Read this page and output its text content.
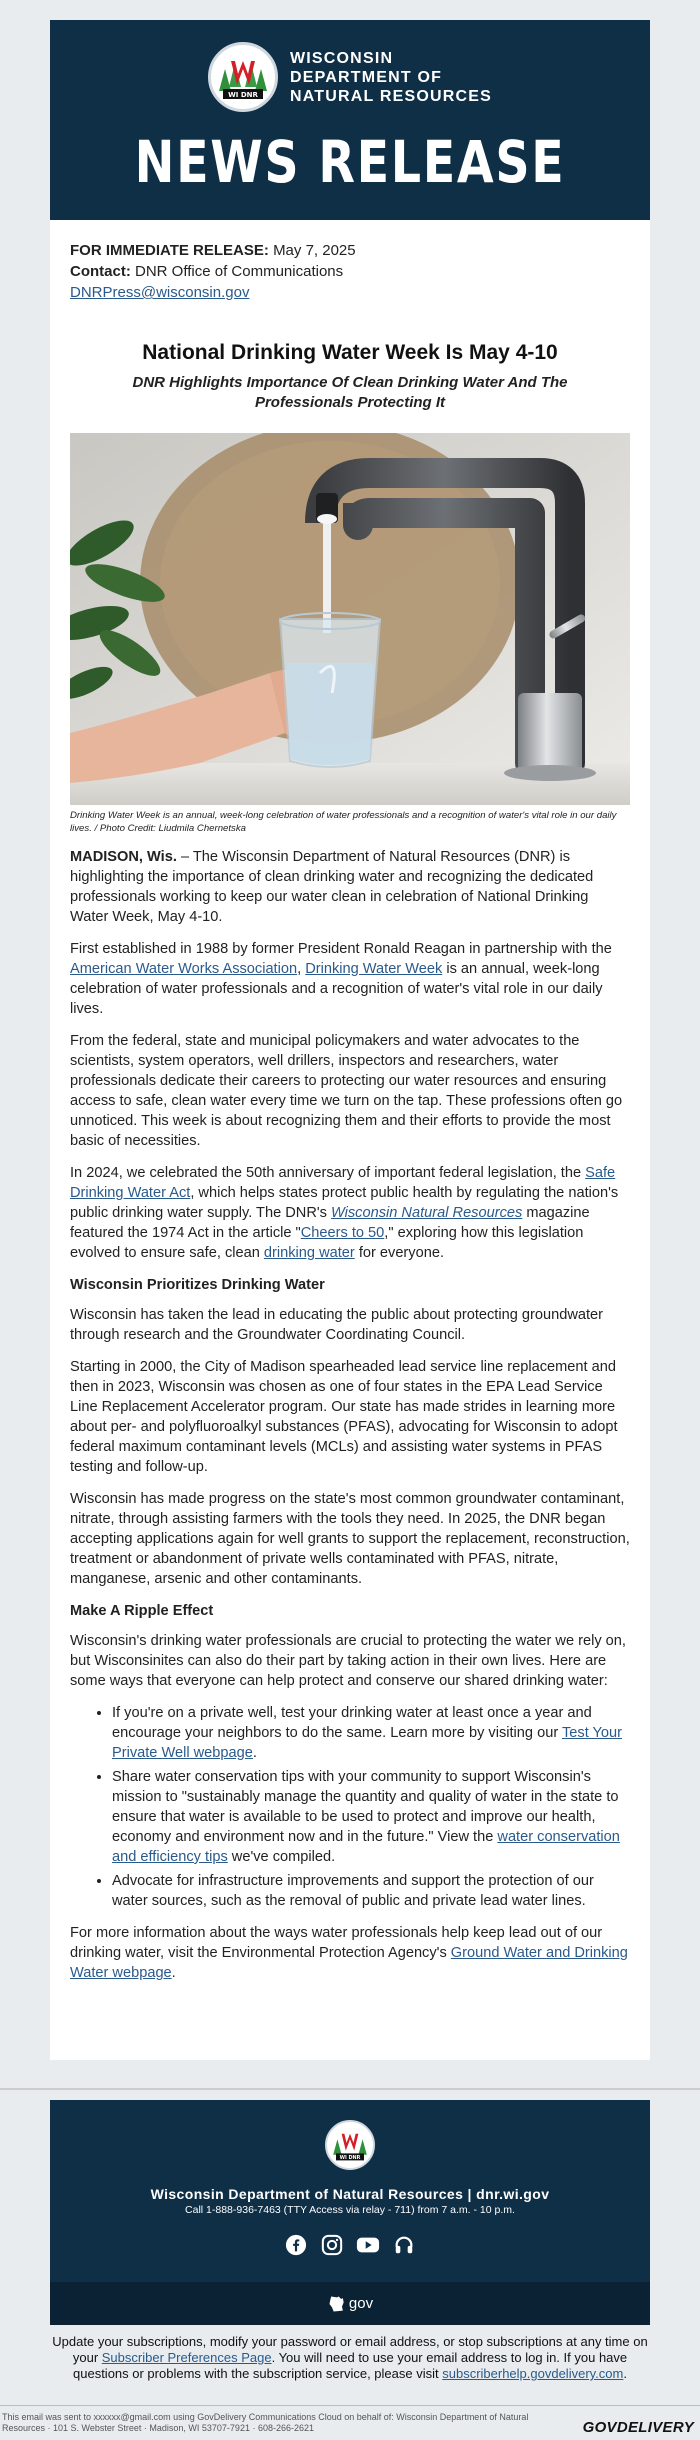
WI DNR
WISCONSIN
DEPARTMENT OF
NATURAL RESOURCES
NEWS RELEASE
FOR IMMEDIATE RELEASE: May 7, 2025
Contact: DNR Office of Communications
DNRPress@wisconsin.gov
National Drinking Water Week Is May 4-10
DNR Highlights Importance Of Clean Drinking Water And The Professionals Protecting It
Drinking Water Week is an annual, week-long celebration of water professionals and a recognition of water's vital role in our daily lives. / Photo Credit: Liudmila Chernetska

MADISON, Wis. – The Wisconsin Department of Natural Resources (DNR) is highlighting the importance of clean drinking water and recognizing the dedicated professionals working to keep our water clean in celebration of National Drinking Water Week, May 4-10.

First established in 1988 by former President Ronald Reagan in partnership with the American Water Works Association, Drinking Water Week is an annual, week-long celebration of water professionals and a recognition of water's vital role in our daily lives.

From the federal, state and municipal policymakers and water advocates to the scientists, system operators, well drillers, inspectors and researchers, water professionals dedicate their careers to protecting our water resources and ensuring access to safe, clean water every time we turn on the tap. These professions often go unnoticed. This week is about recognizing them and their efforts to provide the most basic of necessities.

In 2024, we celebrated the 50th anniversary of important federal legislation, the Safe Drinking Water Act, which helps states protect public health by regulating the nation's public drinking water supply. The DNR's Wisconsin Natural Resources magazine featured the 1974 Act in the article "Cheers to 50," exploring how this legislation evolved to ensure safe, clean drinking water for everyone.

Wisconsin Prioritizes Drinking Water

Wisconsin has taken the lead in educating the public about protecting groundwater through research and the Groundwater Coordinating Council.

Starting in 2000, the City of Madison spearheaded lead service line replacement and then in 2023, Wisconsin was chosen as one of four states in the EPA Lead Service Line Replacement Accelerator program. Our state has made strides in learning more about per- and polyfluoroalkyl substances (PFAS), advocating for Wisconsin to adopt federal maximum contaminant levels (MCLs) and assisting water systems in PFAS testing and follow-up.

Wisconsin has made progress on the state's most common groundwater contaminant, nitrate, through assisting farmers with the tools they need. In 2025, the DNR began accepting applications again for well grants to support the replacement, reconstruction, treatment or abandonment of private wells contaminated with PFAS, nitrate, manganese, arsenic and other contaminants.

Make A Ripple Effect

Wisconsin's drinking water professionals are crucial to protecting the water we rely on, but Wisconsinites can also do their part by taking action in their own lives. Here are some ways that everyone can help protect and conserve our shared drinking water:

• If you're on a private well, test your drinking water at least once a year and encourage your neighbors to do the same. Learn more by visiting our Test Your Private Well webpage.
• Share water conservation tips with your community to support Wisconsin's mission to "sustainably manage the quantity and quality of water in the state to ensure that water is available to be used to protect and improve our health, economy and environment now and in the future." View the water conservation and efficiency tips we've compiled.
• Advocate for infrastructure improvements and support the protection of our water sources, such as the removal of public and private lead water lines.

For more information about the ways water professionals help keep lead out of our drinking water, visit the Environmental Protection Agency's Ground Water and Drinking Water webpage.

WI DNR
Wisconsin Department of Natural Resources | dnr.wi.gov
Call 1-888-936-7463 (TTY Access via relay - 711) from 7 a.m. - 10 p.m.
gov
Update your subscriptions, modify your password or email address, or stop subscriptions at any time on your Subscriber Preferences Page. You will need to use your email address to log in. If you have questions or problems with the subscription service, please visit subscriberhelp.govdelivery.com.
This email was sent to xxxxxx@gmail.com using GovDelivery Communications Cloud on behalf of: Wisconsin Department of Natural Resources · 101 S. Webster Street · Madison, WI 53707-7921 · 608-266-2621	GOVDELIVERY
